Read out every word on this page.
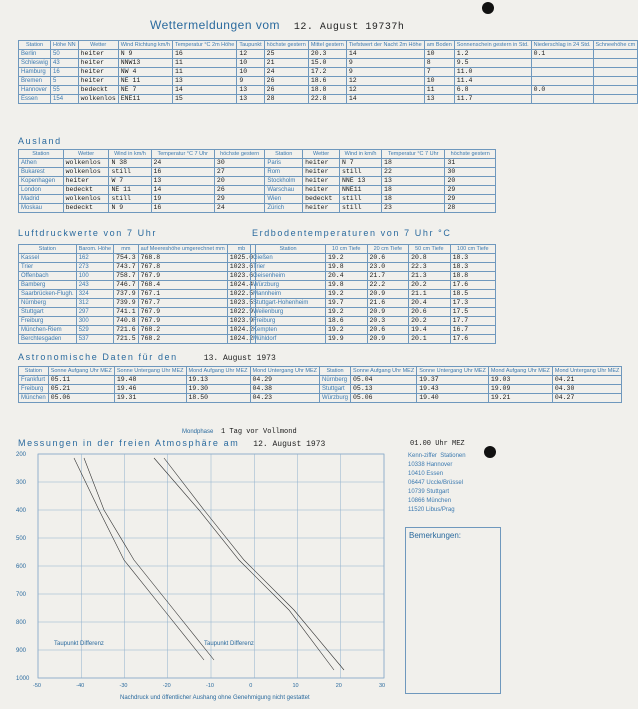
Wettermeldungen vom 12. August 19737h
Station	Höhe NN	Wetter	Wind Richtung km/h	Temperatur °C 2m Höhe	Taupunkt	höchste gestern	Mittel gestern	Tiefstwert der Nacht 2m Höhe	am Boden	Sonnenschein gestern in Std.	Niederschlag in 24 Std.	Schneehöhe cm
Berlin	50	heiter	N 9	16	12	25	20.3	14	10	1.2	0.1	
Schleswig	43	heiter	NNW13	11	10	21	15.0	9	8	9.5		
Hamburg	16	heiter	NW 4	11	10	24	17.2	9	7	11.0		
Bremen	5	heiter	NE 11	13	9	26	18.6	12	10	11.4		
Hannover	55	bedeckt	NE 7	14	13	26	18.8	12	11	6.8	0.0	
Essen	154	wolkenlos	ENE11	15	13	28	22.8	14	13	11.7		
Ausland
Station	Wetter	Wind in km/h	Temperatur °C 7 Uhr	höchste gestern	Station	Wetter	Wind in km/h	Temperatur °C 7 Uhr	höchste gestern
Athen	wolkenlos	N 38	24	30	Paris	heiter	N 7	18	31
Bukarest	wolkenlos	still	16	27	Rom	heiter	still	22	30
Kopenhagen	heiter	W 7	13	20	Stockholm	heiter	NNE 13	13	20
London	bedeckt	NE 11	14	26	Warschau	heiter	NNE11	18	29
Madrid	wolkenlos	still	19	29	Wien	bedeckt	still	18	29
Moskau	bedeckt	N 9	16	24	Zürich	heiter	still	23	28
Luftdruckwerte von 7 Uhr	Erdbodentemperaturen von 7 Uhr °C
Station	Barom. Höhe	mm	auf Meereshöhe umgerechnet mm	mb
Kassel	162	754.3	768.8	1025.0
Trier	273	743.7	767.8	1023.6
Offenbach	100	758.7	767.9	1023.6
Bamberg	243	746.7	768.4	1024.4
Saarbrücken-Flugh.	324	737.9	767.1	1022.5
Nürnberg	312	739.9	767.7	1023.5
Stuttgart	297	741.1	767.9	1022.9
Freiburg	300	740.8	767.9	1023.9
München-Riem	529	721.6	768.2	1024.2
Berchtesgaden	537	721.5	768.2	1024.2
Station	10 cm Tiefe	20 cm Tiefe	50 cm Tiefe	100 cm Tiefe
Gießen	19.2	20.6	20.8	18.3
Trier	19.8	23.0	22.3	18.3
Geisenheim	20.4	21.7	21.3	18.8
Würzburg	19.8	22.2	20.2	17.6
Mannheim	19.2	20.9	21.1	18.5
Stuttgart-Hohenheim	19.7	21.6	20.4	17.3
Weilenburg	19.2	20.9	20.6	17.5
Freiburg	18.6	20.3	20.2	17.7
Kempten	19.2	20.6	19.4	16.7
Mühldorf	19.9	20.9	20.1	17.6
Astronomische Daten für den	13. August 1973
Station	Sonne Aufgang Uhr MEZ	Sonne Untergang Uhr MEZ	Mond Aufgang Uhr MEZ	Mond Untergang Uhr MEZ	Station	Sonne Aufgang Uhr MEZ	Sonne Untergang Uhr MEZ	Mond Aufgang Uhr MEZ	Mond Untergang Uhr MEZ
Frankfurt	05.11	19.48	19.13	04.29	Nürnberg	05.04	19.37	19.03	04.21
Freiburg	05.21	19.46	19.30	04.38	Stuttgart	05.13	19.43	19.09	04.30
München	05.06	19.31	18.50	04.23	Würzburg	05.06	19.40	19.21	04.27
Mondphase 1 Tag vor Vollmond
Messungen in der freien Atmosphäre am 12. August 1973	01.00 Uhr MEZ
200
300
400
500
600
700
800
900
1000
-50	-40	-30	-20	-10	0	10	20	30
Taupunkt Differenz	Taupunkt Differenz
Kenn-ziffer Stationen
10338 Hannover
10410 Essen
06447 Uccle/Brüssel
10739 Stuttgart
10866 München
11520 Libus/Prag
Bemerkungen:
Nachdruck und öffentlicher Aushang ohne Genehmigung nicht gestattet
